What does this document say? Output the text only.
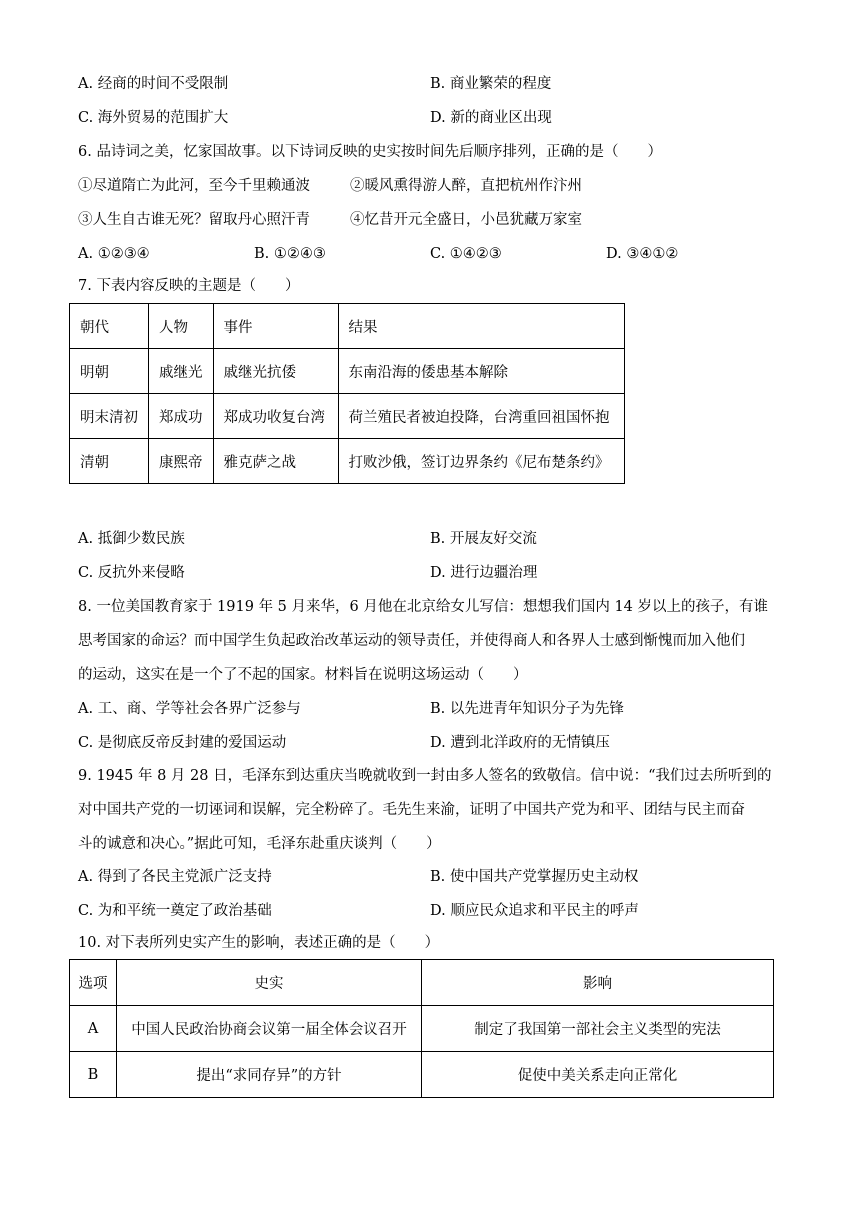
A. 经商的时间不受限制	B. 商业繁荣的程度
C. 海外贸易的范围扩大	D. 新的商业区出现
6. 品诗词之美，忆家国故事。以下诗词反映的史实按时间先后顺序排列，正确的是（　　）
①尽道隋亡为此河，至今千里赖通波	②暖风熏得游人醉，直把杭州作汴州
③人生自古谁无死？留取丹心照汗青	④忆昔开元全盛日，小邑犹藏万家室
A. ①②③④	B. ①②④③	C. ①④②③	D. ③④①②
7. 下表内容反映的主题是（　　）
朝代	人物	事件	结果
明朝	戚继光	戚继光抗倭	东南沿海的倭患基本解除
明末清初	郑成功	郑成功收复台湾	荷兰殖民者被迫投降，台湾重回祖国怀抱
清朝	康熙帝	雅克萨之战	打败沙俄，签订边界条约《尼布楚条约》
A. 抵御少数民族	B. 开展友好交流
C. 反抗外来侵略	D. 进行边疆治理
8. 一位美国教育家于 1919 年 5 月来华，6 月他在北京给女儿写信：想想我们国内 14 岁以上的孩子，有谁
思考国家的命运？而中国学生负起政治改革运动的领导责任，并使得商人和各界人士感到惭愧而加入他们
的运动，这实在是一个了不起的国家。材料旨在说明这场运动（　　）
A. 工、商、学等社会各界广泛参与	B. 以先进青年知识分子为先锋
C. 是彻底反帝反封建的爱国运动	D. 遭到北洋政府的无情镇压
9. 1945 年 8 月 28 日，毛泽东到达重庆当晚就收到一封由多人签名的致敬信。信中说：“我们过去所听到的
对中国共产党的一切诬词和误解，完全粉碎了。毛先生来渝，证明了中国共产党为和平、团结与民主而奋
斗的诚意和决心。”据此可知，毛泽东赴重庆谈判（　　）
A. 得到了各民主党派广泛支持	B. 使中国共产党掌握历史主动权
C. 为和平统一奠定了政治基础	D. 顺应民众追求和平民主的呼声
10. 对下表所列史实产生的影响，表述正确的是（　　）
选项	史实	影响
A	中国人民政治协商会议第一届全体会议召开	制定了我国第一部社会主义类型的宪法
B	提出“求同存异”的方针	促使中美关系走向正常化
